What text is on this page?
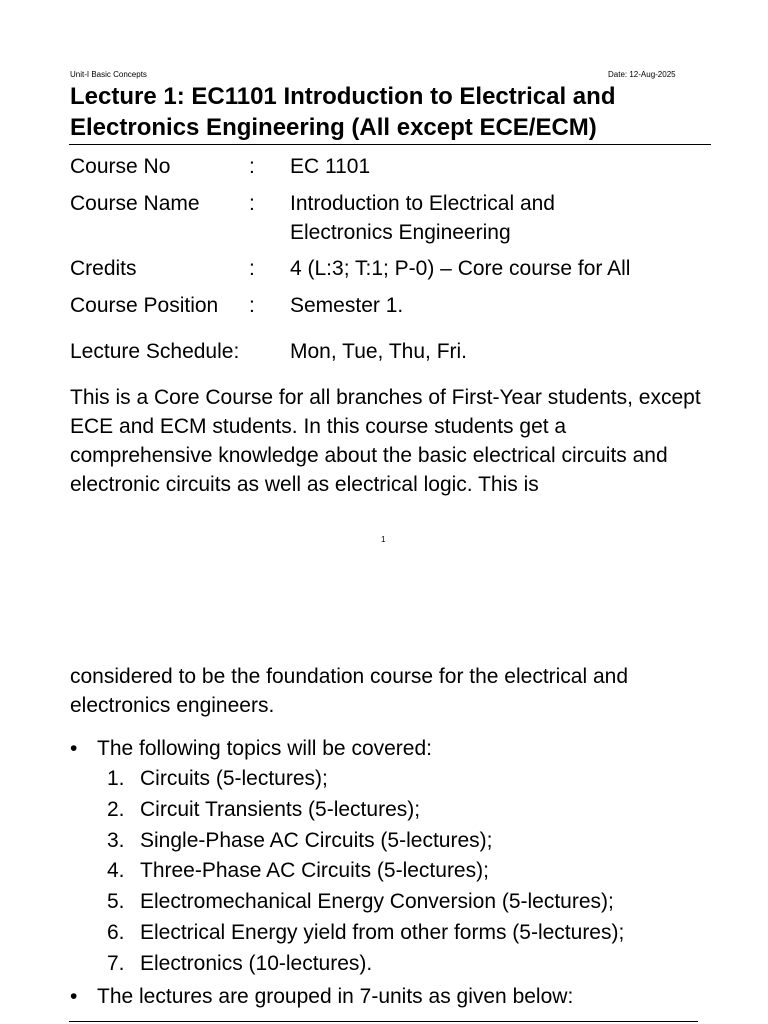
Unit-I Basic Concepts	Date: 12-Aug-2025
Lecture 1: EC1101 Introduction to Electrical and Electronics Engineering (All except ECE/ECM)
Course No	: EC 1101
Course Name : Introduction to Electrical and Electronics Engineering
Credits	: 4 (L:3; T:1; P-0) – Core course for All
Course Position : Semester 1.
Lecture Schedule: Mon, Tue, Thu, Fri.
This is a Core Course for all branches of First-Year students, except ECE and ECM students. In this course students get a comprehensive knowledge about the basic electrical circuits and electronic circuits as well as electrical logic. This is
1
considered to be the foundation course for the electrical and electronics engineers.
• The following topics will be covered:
1. Circuits (5-lectures);
2. Circuit Transients (5-lectures);
3. Single-Phase AC Circuits (5-lectures);
4. Three-Phase AC Circuits (5-lectures);
5. Electromechanical Energy Conversion (5-lectures);
6. Electrical Energy yield from other forms (5-lectures);
7. Electronics (10-lectures).
• The lectures are grouped in 7-units as given below:
